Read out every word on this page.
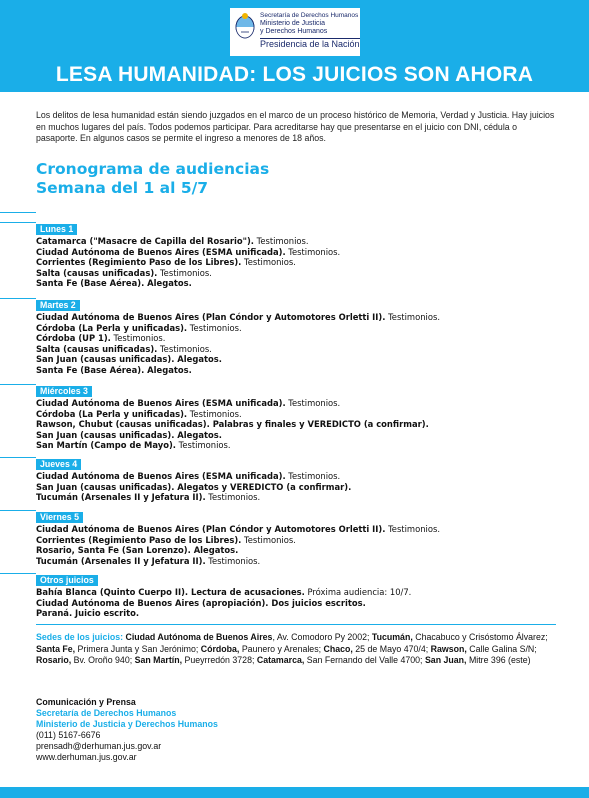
Secretaría de Derechos Humanos
Ministerio de Justicia
y Derechos Humanos
Presidencia de la Nación
LESA HUMANIDAD: LOS JUICIOS SON AHORA

Los delitos de lesa humanidad están siendo juzgados en el marco de un proceso histórico de Memoria, Verdad y Justicia. Hay juicios en muchos lugares del país. Todos podemos participar. Para acreditarse hay que presentarse en el juicio con DNI, cédula o pasaporte. En algunos casos se permite el ingreso a menores de 18 años.

Cronograma de audiencias
Semana del 1 al 5/7
Lunes 1
Catamarca ("Masacre de Capilla del Rosario"). Testimonios.
Ciudad Autónoma de Buenos Aires (ESMA unificada). Testimonios.
Corrientes (Regimiento Paso de los Libres). Testimonios.
Salta (causas unificadas). Testimonios.
Santa Fe (Base Aérea). Alegatos.
Martes 2
Ciudad Autónoma de Buenos Aires (Plan Cóndor y Automotores Orletti II). Testimonios.
Córdoba (La Perla y unificadas). Testimonios.
Córdoba (UP 1). Testimonios.
Salta (causas unificadas). Testimonios.
San Juan (causas unificadas). Alegatos.
Santa Fe (Base Aérea). Alegatos.
Miércoles 3
Ciudad Autónoma de Buenos Aires (ESMA unificada). Testimonios.
Córdoba (La Perla y unificadas). Testimonios.
Rawson, Chubut (causas unificadas). Palabras y finales y VEREDICTO (a confirmar).
San Juan (causas unificadas). Alegatos.
San Martín (Campo de Mayo). Testimonios.
Jueves 4
Ciudad Autónoma de Buenos Aires (ESMA unificada). Testimonios.
San Juan (causas unificadas). Alegatos y VEREDICTO (a confirmar).
Tucumán (Arsenales II y Jefatura II). Testimonios.
Viernes 5
Ciudad Autónoma de Buenos Aires (Plan Cóndor y Automotores Orletti II). Testimonios.
Corrientes (Regimiento Paso de los Libres). Testimonios.
Rosario, Santa Fe (San Lorenzo). Alegatos.
Tucumán (Arsenales II y Jefatura II). Testimonios.
Otros juicios
Bahía Blanca (Quinto Cuerpo II). Lectura de acusaciones. Próxima audiencia: 10/7.
Ciudad Autónoma de Buenos Aires (apropiación). Dos juicios escritos.
Paraná. Juicio escrito.

Sedes de los juicios: Ciudad Autónoma de Buenos Aires, Av. Comodoro Py 2002; Tucumán, Chacabuco y Crisóstomo Álvarez; Santa Fe, Primera Junta y San Jerónimo; Córdoba, Paunero y Arenales; Chaco, 25 de Mayo 470/4; Rawson, Calle Galina S/N; Rosario, Bv. Oroño 940; San Martín, Pueyrredón 3728; Catamarca, San Fernando del Valle 4700; San Juan, Mitre 396 (este)

Comunicación y Prensa
Secretaría de Derechos Humanos
Ministerio de Justicia y Derechos Humanos
(011) 5167-6676
prensadh@derhuman.jus.gov.ar
www.derhuman.jus.gov.ar
